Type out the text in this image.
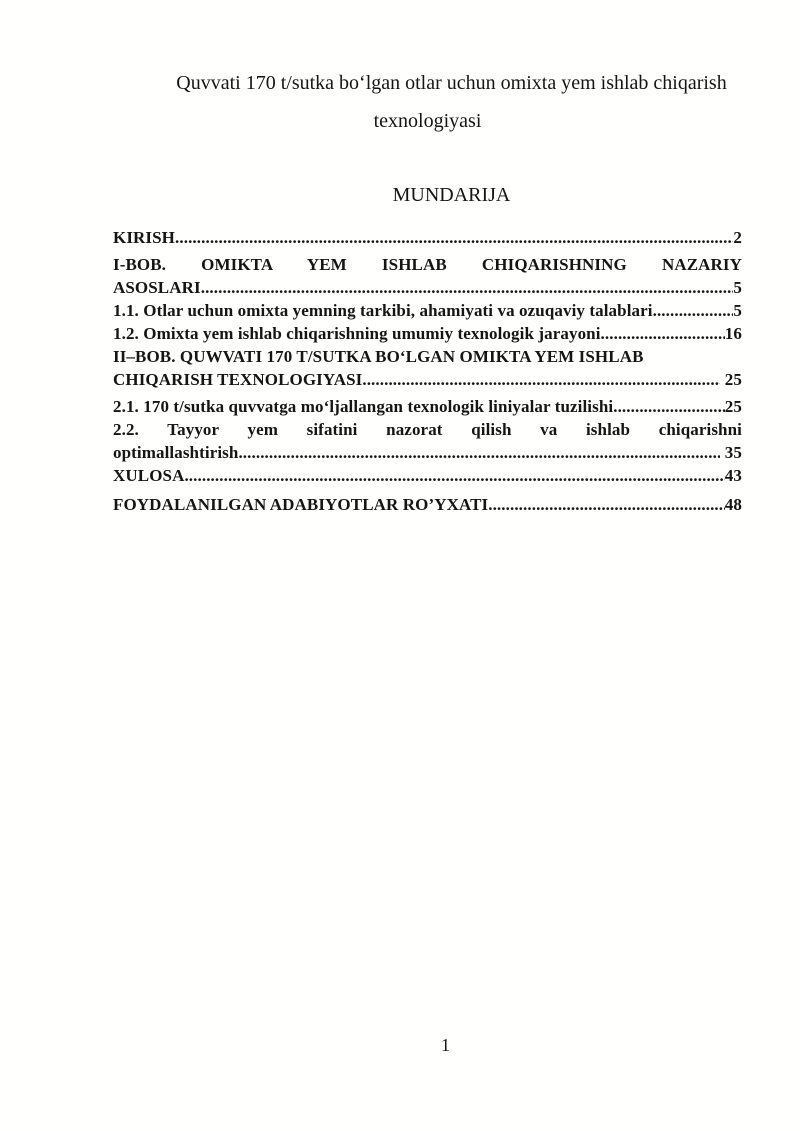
Quvvati 170 t/sutka bo‘lgan otlar uchun omixta yem ishlab chiqarish texnologiyasi

MUNDARIJA

KIRISH .....	2
I-BOB. OMIKTA YEM ISHLAB CHIQARISHNING NAZARIY
ASOSLARI .....	5
1.1. Otlar uchun omixta yemning tarkibi, ahamiyati va ozuqaviy talablari .....	5
1.2. Omixta yem ishlab chiqarishning umumiy texnologik jarayoni .....	16
II–BOB. QUWVATI 170 T/SUTKA BO‘LGAN OMIKTA YEM ISHLAB
CHIQARISH TEXNOLOGIYASI .....	25
2.1. 170 t/sutka quvvatga mo‘ljallangan texnologik liniyalar tuzilishi .....	25
2.2. Tayyor yem sifatini nazorat qilish va ishlab chiqarishni
optimallashtirish .....	35
XULOSA .....	43
FOYDALANILGAN ADABIYOTLAR RO’YXATI .....	48
1
